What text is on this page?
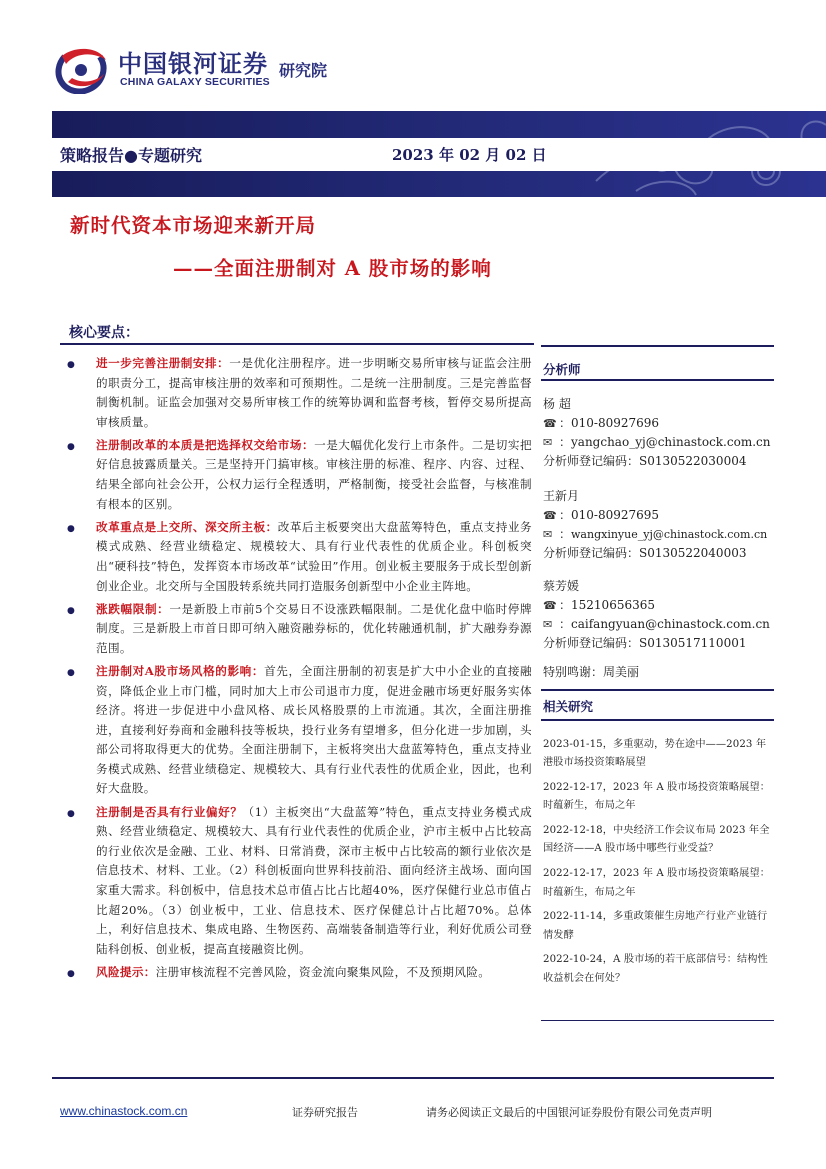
中国银河证券
CHINA GALAXY SECURITIES
研究院
策略报告●专题研究	2023 年 02 月 02 日
新时代资本市场迎来新开局
——全面注册制对 A 股市场的影响
核心要点：
● 进一步完善注册制安排：一是优化注册程序。进一步明晰交易所审核与证监会注册的职责分工，提高审核注册的效率和可预期性。二是统一注册制度。三是完善监督制衡机制。证监会加强对交易所审核工作的统筹协调和监督考核，暂停交易所提高审核质量。
● 注册制改革的本质是把选择权交给市场：一是大幅优化发行上市条件。二是切实把好信息披露质量关。三是坚持开门搞审核。审核注册的标准、程序、内容、过程、结果全部向社会公开，公权力运行全程透明，严格制衡，接受社会监督，与核准制有根本的区别。
● 改革重点是上交所、深交所主板：改革后主板要突出大盘蓝筹特色，重点支持业务模式成熟、经营业绩稳定、规模较大、具有行业代表性的优质企业。科创板突出“硬科技”特色，发挥资本市场改革“试验田”作用。创业板主要服务于成长型创新创业企业。北交所与全国股转系统共同打造服务创新型中小企业主阵地。
● 涨跌幅限制：一是新股上市前5个交易日不设涨跌幅限制。二是优化盘中临时停牌制度。三是新股上市首日即可纳入融资融券标的，优化转融通机制，扩大融券券源范围。
● 注册制对A股市场风格的影响：首先，全面注册制的初衷是扩大中小企业的直接融资，降低企业上市门槛，同时加大上市公司退市力度，促进金融市场更好服务实体经济。将进一步促进中小盘风格、成长风格股票的上市流通。其次，全面注册推进，直接利好券商和金融科技等板块，投行业务有望增多，但分化进一步加剧，头部公司将取得更大的优势。全面注册制下，主板将突出大盘蓝筹特色，重点支持业务模式成熟、经营业绩稳定、规模较大、具有行业代表性的优质企业，因此，也利好大盘股。
● 注册制是否具有行业偏好？（1）主板突出“大盘蓝筹”特色，重点支持业务模式成熟、经营业绩稳定、规模较大、具有行业代表性的优质企业，沪市主板中占比较高的行业依次是金融、工业、材料、日常消费，深市主板中占比较高的额行业依次是信息技术、材料、工业。（2）科创板面向世界科技前沿、面向经济主战场、面向国家重大需求。科创板中，信息技术总市值占比占比超40%，医疗保健行业总市值占比超20%。（3）创业板中，工业、信息技术、医疗保健总计占比超70%。总体上，利好信息技术、集成电路、生物医药、高端装备制造等行业，利好优质公司登陆科创板、创业板，提高直接融资比例。
● 风险提示：注册审核流程不完善风险，资金流向聚集风险，不及预期风险。
分析师
杨 超
☎ ：010-80927696
✉ ：yangchao_yj@chinastock.com.cn
分析师登记编码：S0130522030004
王新月
☎ ：010-80927695
✉ ：wangxinyue_yj@chinastock.com.cn
分析师登记编码：S0130522040003
蔡芳媛
☎ ：15210656365
✉ ：caifangyuan@chinastock.com.cn
分析师登记编码：S0130517110001
特别鸣谢：周美丽
相关研究
2023-01-15，多重驱动，势在途中——2023 年港股市场投资策略展望
2022-12-17，2023 年 A 股市场投资策略展望：时蕴新生，布局之年
2022-12-18，中央经济工作会议布局 2023 年全国经济——A 股市场中哪些行业受益？
2022-12-17，2023 年 A 股市场投资策略展望：时蕴新生，布局之年
2022-11-14，多重政策催生房地产行业产业链行情发酵
2022-10-24，A 股市场的若干底部信号：结构性收益机会在何处？
www.chinastock.com.cn	证券研究报告	请务必阅读正文最后的中国银河证券股份有限公司免责声明
